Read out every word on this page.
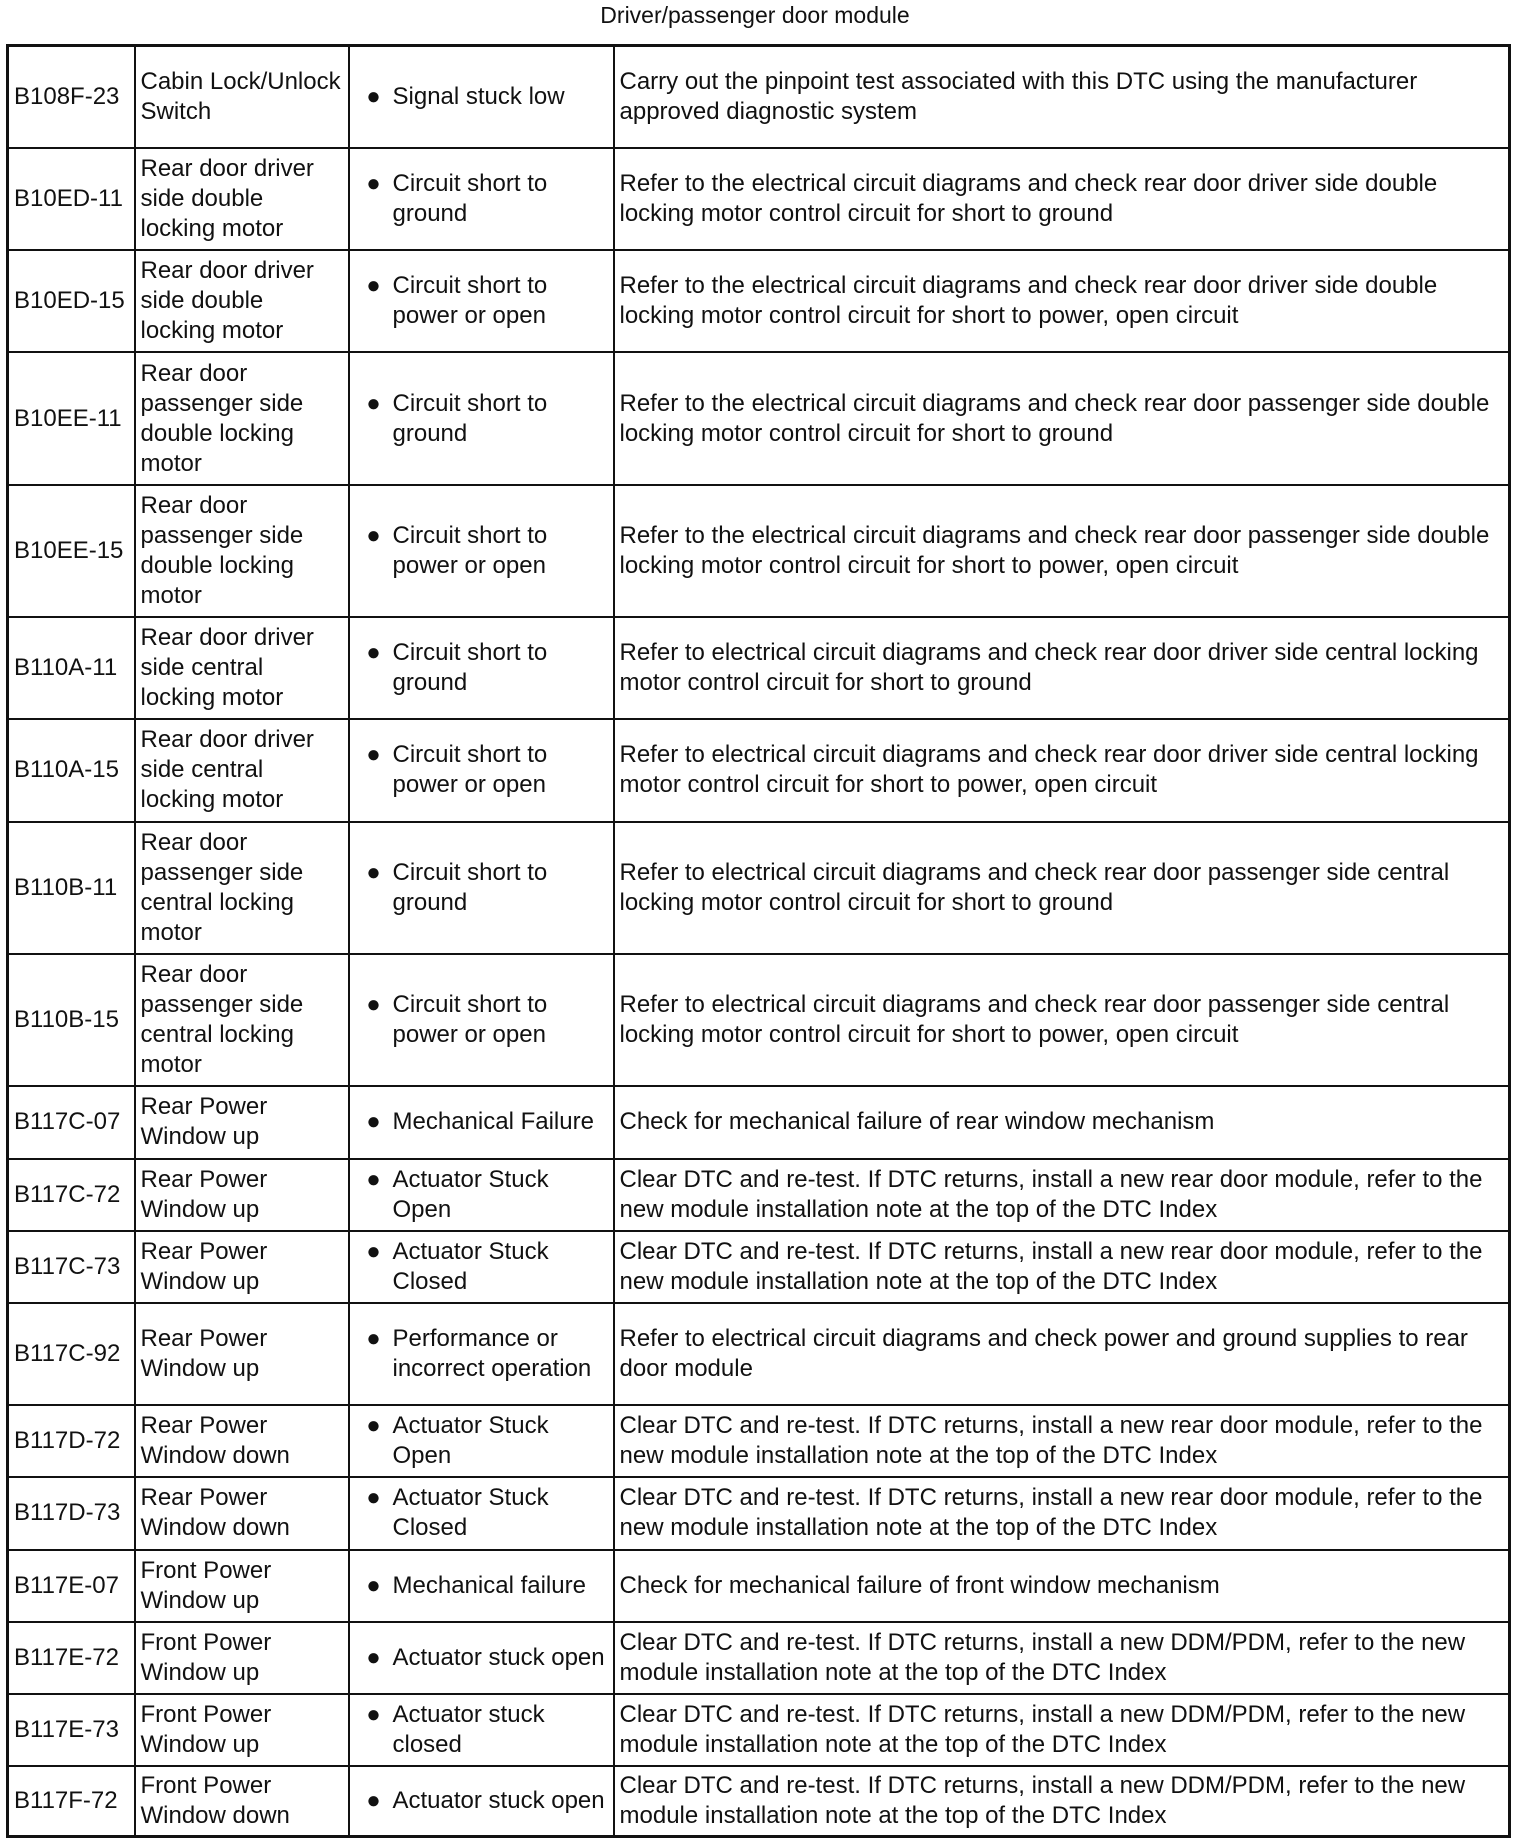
Driver/passenger door module
B108F-23	Cabin Lock/Unlock Switch	● Signal stuck low	Carry out the pinpoint test associated with this DTC using the manufacturer approved diagnostic system
B10ED-11	Rear door driver side double locking motor	● Circuit short to ground	Refer to the electrical circuit diagrams and check rear door driver side double locking motor control circuit for short to ground
B10ED-15	Rear door driver side double locking motor	● Circuit short to power or open	Refer to the electrical circuit diagrams and check rear door driver side double locking motor control circuit for short to power, open circuit
B10EE-11	Rear door passenger side double locking motor	● Circuit short to ground	Refer to the electrical circuit diagrams and check rear door passenger side double locking motor control circuit for short to ground
B10EE-15	Rear door passenger side double locking motor	● Circuit short to power or open	Refer to the electrical circuit diagrams and check rear door passenger side double locking motor control circuit for short to power, open circuit
B110A-11	Rear door driver side central locking motor	● Circuit short to ground	Refer to electrical circuit diagrams and check rear door driver side central locking motor control circuit for short to ground
B110A-15	Rear door driver side central locking motor	● Circuit short to power or open	Refer to electrical circuit diagrams and check rear door driver side central locking motor control circuit for short to power, open circuit
B110B-11	Rear door passenger side central locking motor	● Circuit short to ground	Refer to electrical circuit diagrams and check rear door passenger side central locking motor control circuit for short to ground
B110B-15	Rear door passenger side central locking motor	● Circuit short to power or open	Refer to electrical circuit diagrams and check rear door passenger side central locking motor control circuit for short to power, open circuit
B117C-07	Rear Power Window up	● Mechanical Failure	Check for mechanical failure of rear window mechanism
B117C-72	Rear Power Window up	● Actuator Stuck Open	Clear DTC and re-test. If DTC returns, install a new rear door module, refer to the new module installation note at the top of the DTC Index
B117C-73	Rear Power Window up	● Actuator Stuck Closed	Clear DTC and re-test. If DTC returns, install a new rear door module, refer to the new module installation note at the top of the DTC Index
B117C-92	Rear Power Window up	● Performance or incorrect operation	Refer to electrical circuit diagrams and check power and ground supplies to rear door module
B117D-72	Rear Power Window down	● Actuator Stuck Open	Clear DTC and re-test. If DTC returns, install a new rear door module, refer to the new module installation note at the top of the DTC Index
B117D-73	Rear Power Window down	● Actuator Stuck Closed	Clear DTC and re-test. If DTC returns, install a new rear door module, refer to the new module installation note at the top of the DTC Index
B117E-07	Front Power Window up	● Mechanical failure	Check for mechanical failure of front window mechanism
B117E-72	Front Power Window up	● Actuator stuck open	Clear DTC and re-test. If DTC returns, install a new DDM/PDM, refer to the new module installation note at the top of the DTC Index
B117E-73	Front Power Window up	● Actuator stuck closed	Clear DTC and re-test. If DTC returns, install a new DDM/PDM, refer to the new module installation note at the top of the DTC Index
B117F-72	Front Power Window down	● Actuator stuck open	Clear DTC and re-test. If DTC returns, install a new DDM/PDM, refer to the new module installation note at the top of the DTC Index
